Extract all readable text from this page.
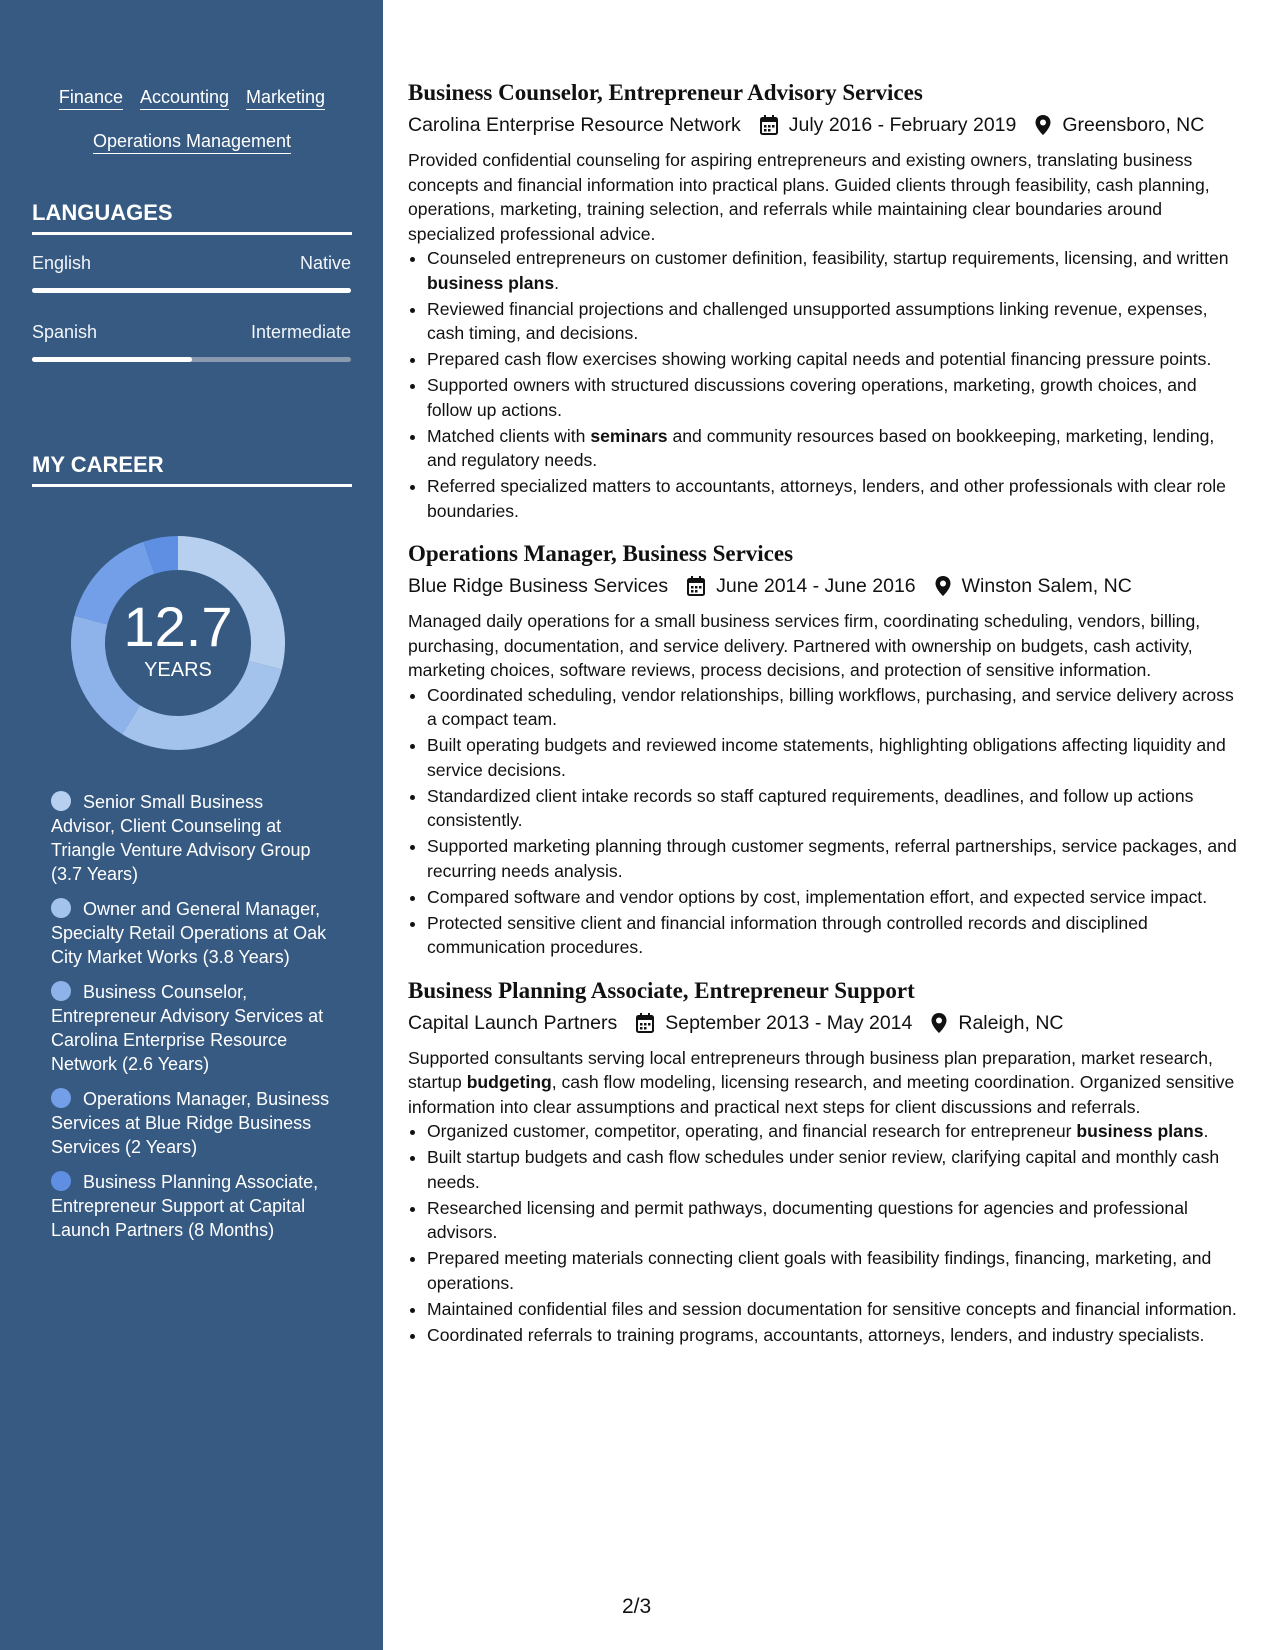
Finance Accounting Marketing
Operations Management
LANGUAGES
English	Native
Spanish	Intermediate
MY CAREER
12.7
YEARS
Senior Small Business Advisor, Client Counseling at Triangle Venture Advisory Group (3.7 Years)
Owner and General Manager, Specialty Retail Operations at Oak City Market Works (3.8 Years)
Business Counselor, Entrepreneur Advisory Services at Carolina Enterprise Resource Network (2.6 Years)
Operations Manager, Business Services at Blue Ridge Business Services (2 Years)
Business Planning Associate, Entrepreneur Support at Capital Launch Partners (8 Months)
Business Counselor, Entrepreneur Advisory Services
Carolina Enterprise Resource Network July 2016 - February 2019 Greensboro, NC
Provided confidential counseling for aspiring entrepreneurs and existing owners, translating business concepts and financial information into practical plans. Guided clients through feasibility, cash planning, operations, marketing, training selection, and referrals while maintaining clear boundaries around specialized professional advice.
• Counseled entrepreneurs on customer definition, feasibility, startup requirements, licensing, and written business plans.
• Reviewed financial projections and challenged unsupported assumptions linking revenue, expenses, cash timing, and decisions.
• Prepared cash flow exercises showing working capital needs and potential financing pressure points.
• Supported owners with structured discussions covering operations, marketing, growth choices, and follow up actions.
• Matched clients with seminars and community resources based on bookkeeping, marketing, lending, and regulatory needs.
• Referred specialized matters to accountants, attorneys, lenders, and other professionals with clear role boundaries.
Operations Manager, Business Services
Blue Ridge Business Services June 2014 - June 2016 Winston Salem, NC
Managed daily operations for a small business services firm, coordinating scheduling, vendors, billing, purchasing, documentation, and service delivery. Partnered with ownership on budgets, cash activity, marketing choices, software reviews, process decisions, and protection of sensitive information.
• Coordinated scheduling, vendor relationships, billing workflows, purchasing, and service delivery across a compact team.
• Built operating budgets and reviewed income statements, highlighting obligations affecting liquidity and service decisions.
• Standardized client intake records so staff captured requirements, deadlines, and follow up actions consistently.
• Supported marketing planning through customer segments, referral partnerships, service packages, and recurring needs analysis.
• Compared software and vendor options by cost, implementation effort, and expected service impact.
• Protected sensitive client and financial information through controlled records and disciplined communication procedures.
Business Planning Associate, Entrepreneur Support
Capital Launch Partners September 2013 - May 2014 Raleigh, NC
Supported consultants serving local entrepreneurs through business plan preparation, market research, startup budgeting, cash flow modeling, licensing research, and meeting coordination. Organized sensitive information into clear assumptions and practical next steps for client discussions and referrals.
• Organized customer, competitor, operating, and financial research for entrepreneur business plans.
• Built startup budgets and cash flow schedules under senior review, clarifying capital and monthly cash needs.
• Researched licensing and permit pathways, documenting questions for agencies and professional advisors.
• Prepared meeting materials connecting client goals with feasibility findings, financing, marketing, and operations.
• Maintained confidential files and session documentation for sensitive concepts and financial information.
• Coordinated referrals to training programs, accountants, attorneys, lenders, and industry specialists.
2/3
